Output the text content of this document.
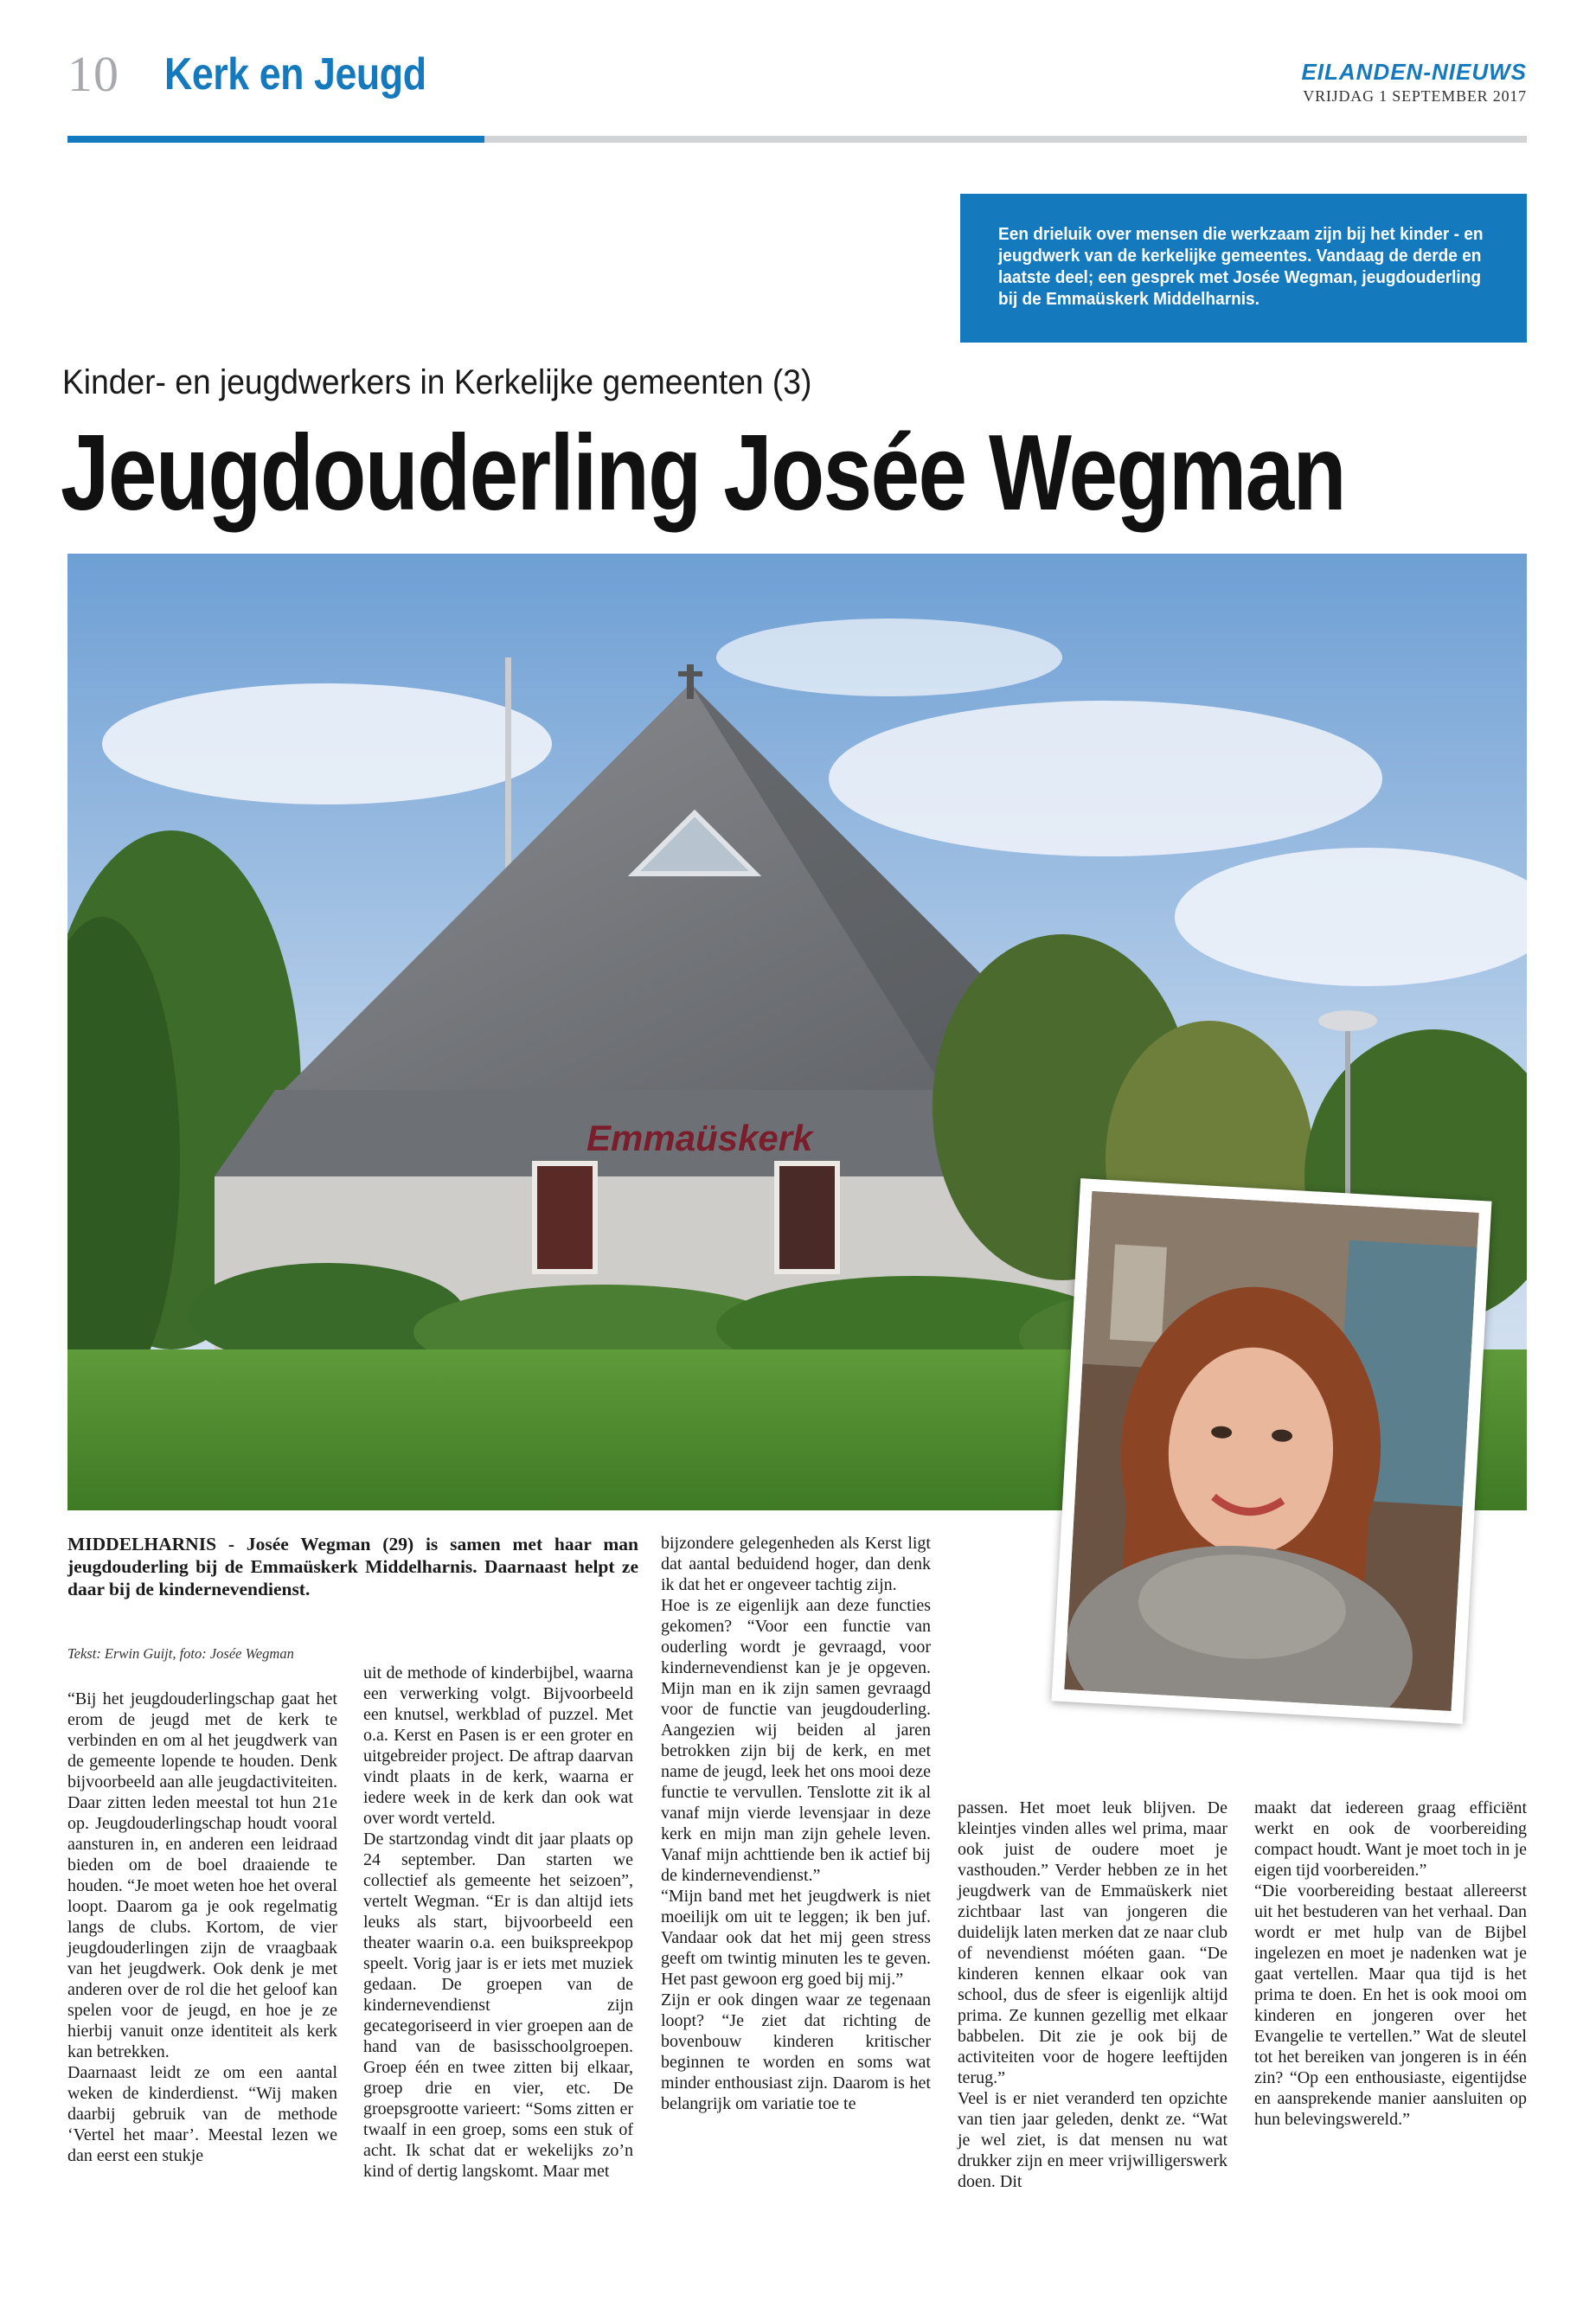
10 Kerk en Jeugd	EILANDEN-NIEUWS
VRIJDAG 1 SEPTEMBER 2017
Een drieluik over mensen die werkzaam zijn bij het kinder - en jeugdwerk van de kerkelijke gemeentes. Vandaag de derde en laatste deel; een gesprek met Josée Wegman, jeugdouderling bij de Emmaüskerk Middelharnis.
Kinder- en jeugdwerkers in Kerkelijke gemeenten (3)
Jeugdouderling Josée Wegman
Emmaüskerk
MIDDELHARNIS - Josée Wegman (29) is samen met haar man jeugdouderling bij de Emmaüskerk Middelharnis. Daarnaast helpt ze daar bij de kindernevendienst.
Tekst: Erwin Guijt, foto: Josée Wegman

“Bij het jeugdouderlingschap gaat het erom de jeugd met de kerk te verbinden en om al het jeugdwerk van de gemeente lopende te houden. Denk bijvoorbeeld aan alle jeugdactiviteiten. Daar zitten leden meestal tot hun 21e op. Jeugdouderlingschap houdt vooral aansturen in, en anderen een leidraad bieden om de boel draaiende te houden. “Je moet weten hoe het overal loopt. Daarom ga je ook regelmatig langs de clubs. Kortom, de vier jeugdouderlingen zijn de vraagbaak van het jeugdwerk. Ook denk je met anderen over de rol die het geloof kan spelen voor de jeugd, en hoe je ze hierbij vanuit onze identiteit als kerk kan betrekken.

Daarnaast leidt ze om een aantal weken de kinderdienst. “Wij maken daarbij gebruik van de methode ‘Vertel het maar’. Meestal lezen we dan eerst een stukje

uit de methode of kinderbijbel, waarna een verwerking volgt. Bijvoorbeeld een knutsel, werkblad of puzzel. Met o.a. Kerst en Pasen is er een groter en uitgebreider project. De aftrap daarvan vindt plaats in de kerk, waarna er iedere week in de kerk dan ook wat over wordt verteld.

De startzondag vindt dit jaar plaats op 24 september. Dan starten we collectief als gemeente het seizoen”, vertelt Wegman. “Er is dan altijd iets leuks als start, bijvoorbeeld een theater waarin o.a. een buikspreekpop speelt. Vorig jaar is er iets met muziek gedaan. De groepen van de kindernevendienst zijn gecategoriseerd in vier groepen aan de hand van de basisschoolgroepen. Groep één en twee zitten bij elkaar, groep drie en vier, etc. De groepsgrootte varieert: “Soms zitten er twaalf in een groep, soms een stuk of acht. Ik schat dat er wekelijks zo’n kind of dertig langskomt. Maar met

bijzondere gelegenheden als Kerst ligt dat aantal beduidend hoger, dan denk ik dat het er ongeveer tachtig zijn.

Hoe is ze eigenlijk aan deze functies gekomen? “Voor een functie van ouderling wordt je gevraagd, voor kindernevendienst kan je je opgeven. Mijn man en ik zijn samen gevraagd voor de functie van jeugdouderling. Aangezien wij beiden al jaren betrokken zijn bij de kerk, en met name de jeugd, leek het ons mooi deze functie te vervullen. Tenslotte zit ik al vanaf mijn vierde levensjaar in deze kerk en mijn man zijn gehele leven. Vanaf mijn achttiende ben ik actief bij de kindernevendienst.”

“Mijn band met het jeugdwerk is niet moeilijk om uit te leggen; ik ben juf. Vandaar ook dat het mij geen stress geeft om twintig minuten les te geven. Het past gewoon erg goed bij mij.”

Zijn er ook dingen waar ze tegenaan loopt? “Je ziet dat richting de bovenbouw kinderen kritischer beginnen te worden en soms wat minder enthousiast zijn. Daarom is het belangrijk om variatie toe te

passen. Het moet leuk blijven. De kleintjes vinden alles wel prima, maar ook juist de oudere moet je vasthouden.” Verder hebben ze in het jeugdwerk van de Emmaüskerk niet zichtbaar last van jongeren die duidelijk laten merken dat ze naar club of nevendienst móéten gaan. “De kinderen kennen elkaar ook van school, dus de sfeer is eigenlijk altijd prima. Ze kunnen gezellig met elkaar babbelen. Dit zie je ook bij de activiteiten voor de hogere leeftijden terug.”

Veel is er niet veranderd ten opzichte van tien jaar geleden, denkt ze. “Wat je wel ziet, is dat mensen nu wat drukker zijn en meer vrijwilligerswerk doen. Dit

maakt dat iedereen graag efficiënt werkt en ook de voorbereiding compact houdt. Want je moet toch in je eigen tijd voorbereiden.”

“Die voorbereiding bestaat allereerst uit het bestuderen van het verhaal. Dan wordt er met hulp van de Bijbel ingelezen en moet je nadenken wat je gaat vertellen. Maar qua tijd is het prima te doen. En het is ook mooi om kinderen en jongeren over het Evangelie te vertellen.” Wat de sleutel tot het bereiken van jongeren is in één zin? “Op een enthousiaste, eigentijdse en aansprekende manier aansluiten op hun belevingswereld.”
